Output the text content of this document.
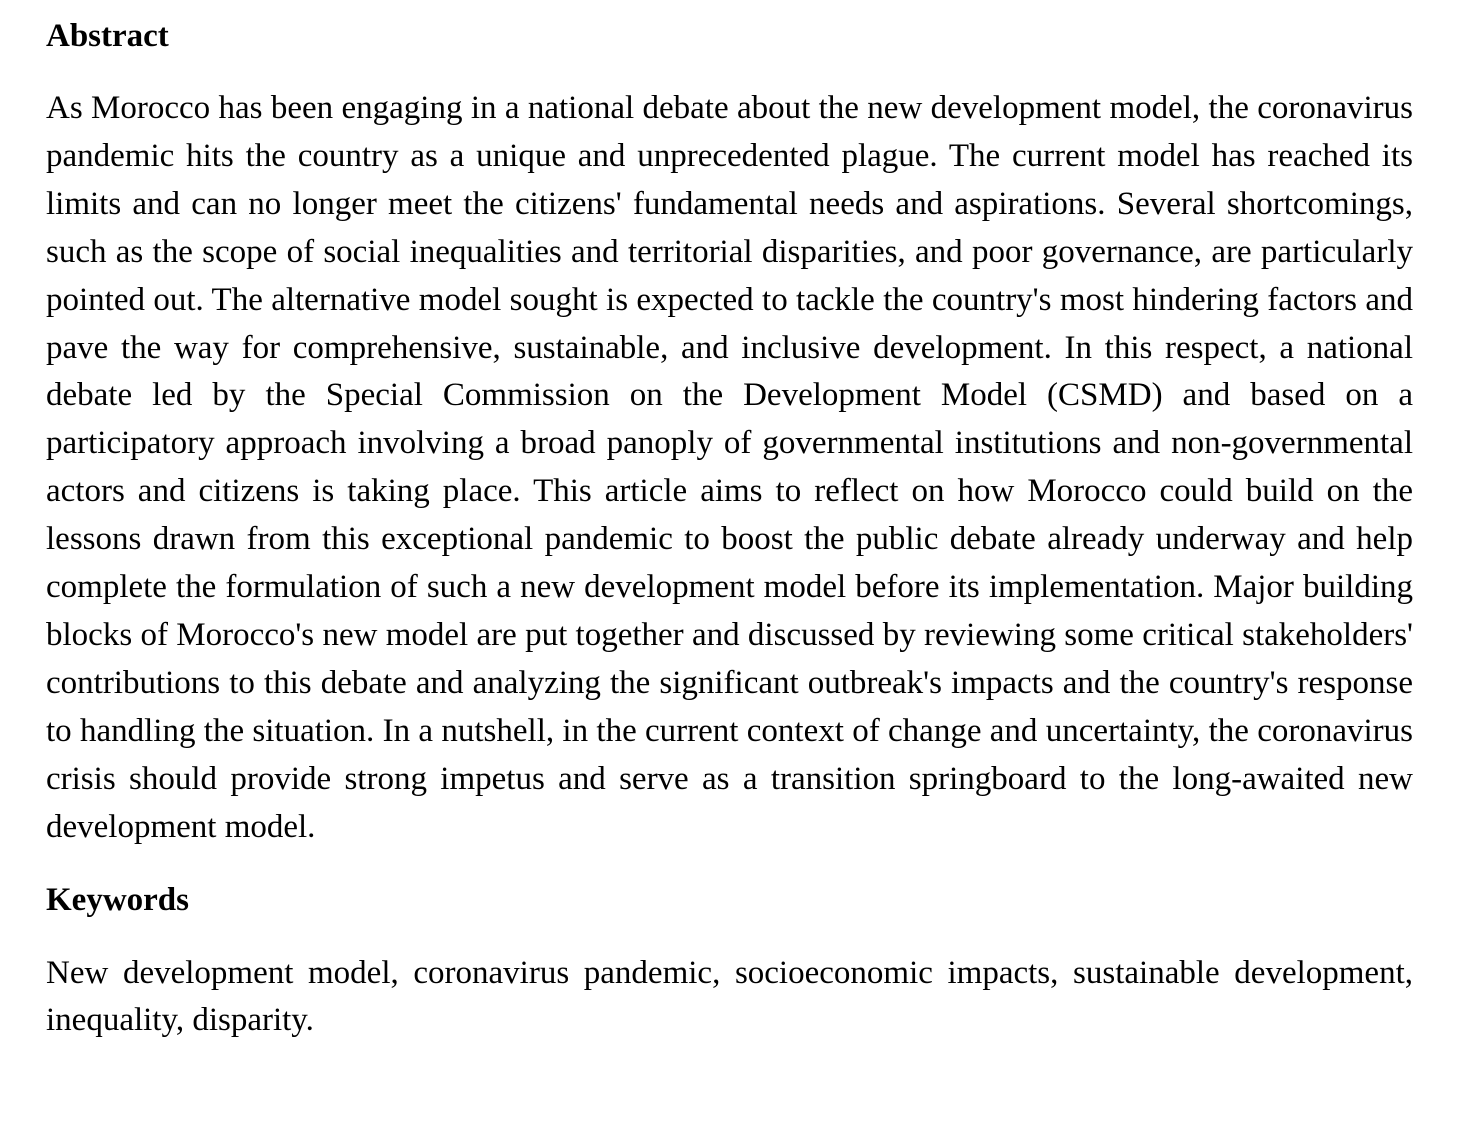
Abstract

As Morocco has been engaging in a national debate about the new development model, the coronavirus pandemic hits the country as a unique and unprecedented plague. The current model has reached its limits and can no longer meet the citizens' fundamental needs and aspirations. Several shortcomings, such as the scope of social inequalities and territorial disparities, and poor governance, are particularly pointed out. The alternative model sought is expected to tackle the country's most hindering factors and pave the way for comprehensive, sustainable, and inclusive development. In this respect, a national debate led by the Special Commission on the Development Model (CSMD) and based on a participatory approach involving a broad panoply of governmental institutions and non-governmental actors and citizens is taking place. This article aims to reflect on how Morocco could build on the lessons drawn from this exceptional pandemic to boost the public debate already underway and help complete the formulation of such a new development model before its implementation. Major building blocks of Morocco's new model are put together and discussed by reviewing some critical stakeholders' contributions to this debate and analyzing the significant outbreak's impacts and the country's response to handling the situation. In a nutshell, in the current context of change and uncertainty, the coronavirus crisis should provide strong impetus and serve as a transition springboard to the long-awaited new development model.

Keywords

New development model, coronavirus pandemic, socioeconomic impacts, sustainable development, inequality, disparity.
